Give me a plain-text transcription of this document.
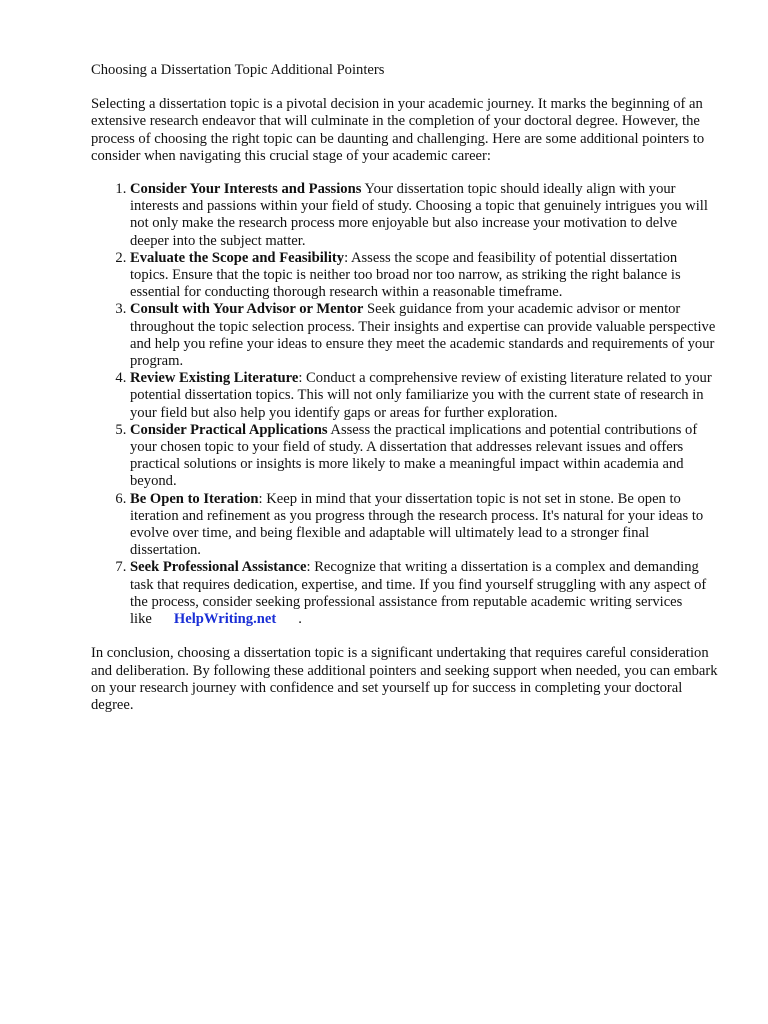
Choosing a Dissertation Topic Additional Pointers

Selecting a dissertation topic is a pivotal decision in your academic journey. It marks the beginning of an extensive research endeavor that will culminate in the completion of your doctoral degree. However, the process of choosing the right topic can be daunting and challenging. Here are some additional pointers to consider when navigating this crucial stage of your academic career:

1. Consider Your Interests and Passions Your dissertation topic should ideally align with your interests and passions within your field of study. Choosing a topic that genuinely intrigues you will not only make the research process more enjoyable but also increase your motivation to delve deeper into the subject matter.
2. Evaluate the Scope and Feasibility: Assess the scope and feasibility of potential dissertation topics. Ensure that the topic is neither too broad nor too narrow, as striking the right balance is essential for conducting thorough research within a reasonable timeframe.
3. Consult with Your Advisor or Mentor Seek guidance from your academic advisor or mentor throughout the topic selection process. Their insights and expertise can provide valuable perspective and help you refine your ideas to ensure they meet the academic standards and requirements of your program.
4. Review Existing Literature: Conduct a comprehensive review of existing literature related to your potential dissertation topics. This will not only familiarize you with the current state of research in your field but also help you identify gaps or areas for further exploration.
5. Consider Practical Applications Assess the practical implications and potential contributions of your chosen topic to your field of study. A dissertation that addresses relevant issues and offers practical solutions or insights is more likely to make a meaningful impact within academia and beyond.
6. Be Open to Iteration: Keep in mind that your dissertation topic is not set in stone. Be open to iteration and refinement as you progress through the research process. It's natural for your ideas to evolve over time, and being flexible and adaptable will ultimately lead to a stronger final dissertation.
7. Seek Professional Assistance: Recognize that writing a dissertation is a complex and demanding task that requires dedication, expertise, and time. If you find yourself struggling with any aspect of the process, consider seeking professional assistance from reputable academic writing services like HelpWriting.net .

In conclusion, choosing a dissertation topic is a significant undertaking that requires careful consideration and deliberation. By following these additional pointers and seeking support when needed, you can embark on your research journey with confidence and set yourself up for success in completing your doctoral degree.
